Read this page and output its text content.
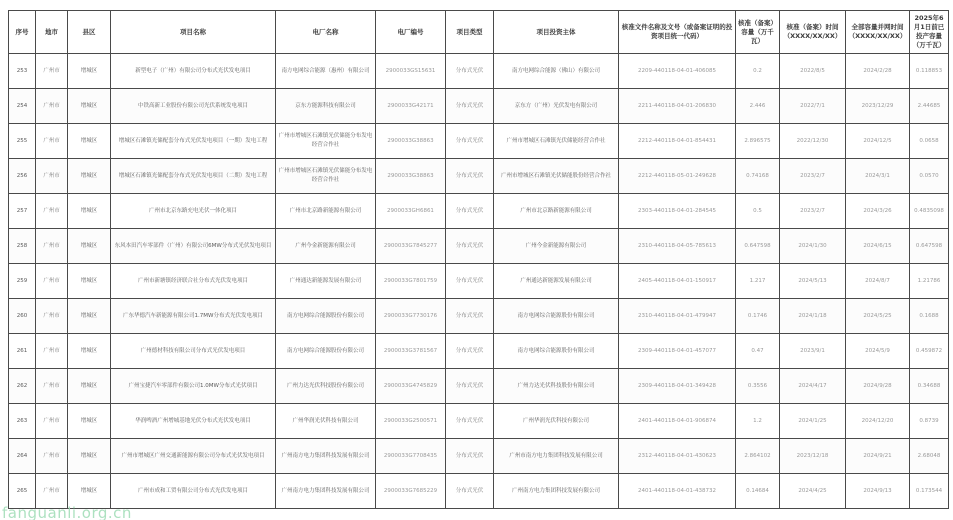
序号	地市	县区	项目名称	电厂名称	电厂编号	项目类型	项目投资主体	核准文件名称及文号（或备案证明的投资项目统一代码）	核准（备案）容量（万千瓦）	核准（备案）时间（XXXX/XX/XX）	全部容量并网时间（XXXX/XX/XX）	2025年6月1日前已投产容量（万千瓦）
253	广州市	增城区	新型电子（广州）有限公司分布式光伏发电项目	南方电网综合能源（惠州）有限公司	2900033GS15631	分布式光伏	南方电网综合能源（佛山）有限公司	2209-440118-04-01-406085	0.2	2022/8/5	2024/2/28	0.118853
254	广州市	增城区	中铁高新工业股份有限公司光伏系统发电项目	京东方能源科技有限公司	2900033G42171	分布式光伏	京东方（广州）光伏发电有限公司	2211-440118-04-01-206830	2.446	2022/7/1	2023/12/29	2.44685
255	广州市	增城区	增城区石滩镇光储配套分布式光伏发电项目（一期）发电工程	广州市增城区石滩镇光伏储能分布发电经营合作社	2900033G38863	分布式光伏	广州市增城区石滩镇光伏储能经营合作社	2212-440118-04-01-854431	2.896575	2022/12/30	2024/12/5	0.0658
256	广州市	增城区	增城区石滩镇光储配套分布式光伏发电项目（二期）发电工程	广州市增城区石滩镇光伏储能分布发电经营合作社	2900033G38863	分布式光伏	广州市增城区石滩镇光伏储能股份经营合作社	2212-440118-05-01-249628	0.74168	2023/2/7	2024/3/1	0.0570
257	广州市	增城区	广州市北京东路充电光伏一体化项目	广州市北京路新能源有限公司	2900033GH6861	分布式光伏	广州市北京路新能源有限公司	2303-440118-04-01-284545	0.5	2023/2/7	2024/3/26	0.4835098
258	广州市	增城区	东风本田汽车零部件（广州）有限公司6MW分布式光伏发电项目	广州今金新能源有限公司	2900033G7845277	分布式光伏	广州今金新能源有限公司	2310-440118-04-05-785613	0.647598	2024/1/30	2024/6/15	0.647598
259	广州市	增城区	广州市新塘镇经济联合社分布式光伏发电项目	广州通达新能源发展有限公司	2900033G7801759	分布式光伏	广州通达新能源发展有限公司	2405-440118-04-01-150917	1.217	2024/5/13	2024/8/7	1.21786
260	广州市	增城区	广东华德汽车新能源有限公司1.7MW分布式光伏发电项目	南方电网综合能源股份有限公司	2900033G7730176	分布式光伏	南方电网综合能源股份有限公司	2310-440118-04-01-479947	0.1746	2024/1/18	2024/5/25	0.1688
261	广州市	增城区	广州德材科技有限公司分布式光伏发电项目	南方电网综合能源股份有限公司	2900033G3781567	分布式光伏	南方电网综合能源股份有限公司	2309-440118-04-01-457077	0.47	2023/9/1	2024/5/9	0.459872
262	广州市	增城区	广州宝捷汽车零部件有限公司1.0MW分布式光伏项目	广州力达光伏科技股份有限公司	2900033G4745829	分布式光伏	广州力达光伏科技股份有限公司	2309-440118-04-01-349428	0.3556	2024/4/17	2024/9/28	0.34688
263	广州市	增城区	华润啤酒广州增城基地光伏分布式光伏发电项目	广州华润光伏科技有限公司	2900033G2500571	分布式光伏	广州华润光伏科技有限公司	2401-440118-04-01-906874	1.2	2024/1/25	2024/12/20	0.8739
264	广州市	增城区	广州市增城区广州交通新能源有限公司分布式光伏发电项目	广州南方电力集团科技发展有限公司	2900033G7708435	分布式光伏	广州市南方电力集团科技发展有限公司	2312-440118-04-01-430623	2.864102	2023/12/18	2024/9/21	2.68048
265	广州市	增城区	广州市成和工贸有限公司分布式光伏发电项目	广州南方电力集团科技发展有限公司	2900033G7685229	分布式光伏	广州南方电力集团科技发展有限公司	2401-440118-04-01-438732	0.14684	2024/4/25	2024/9/13	0.173544
fanguanli.org.cn
